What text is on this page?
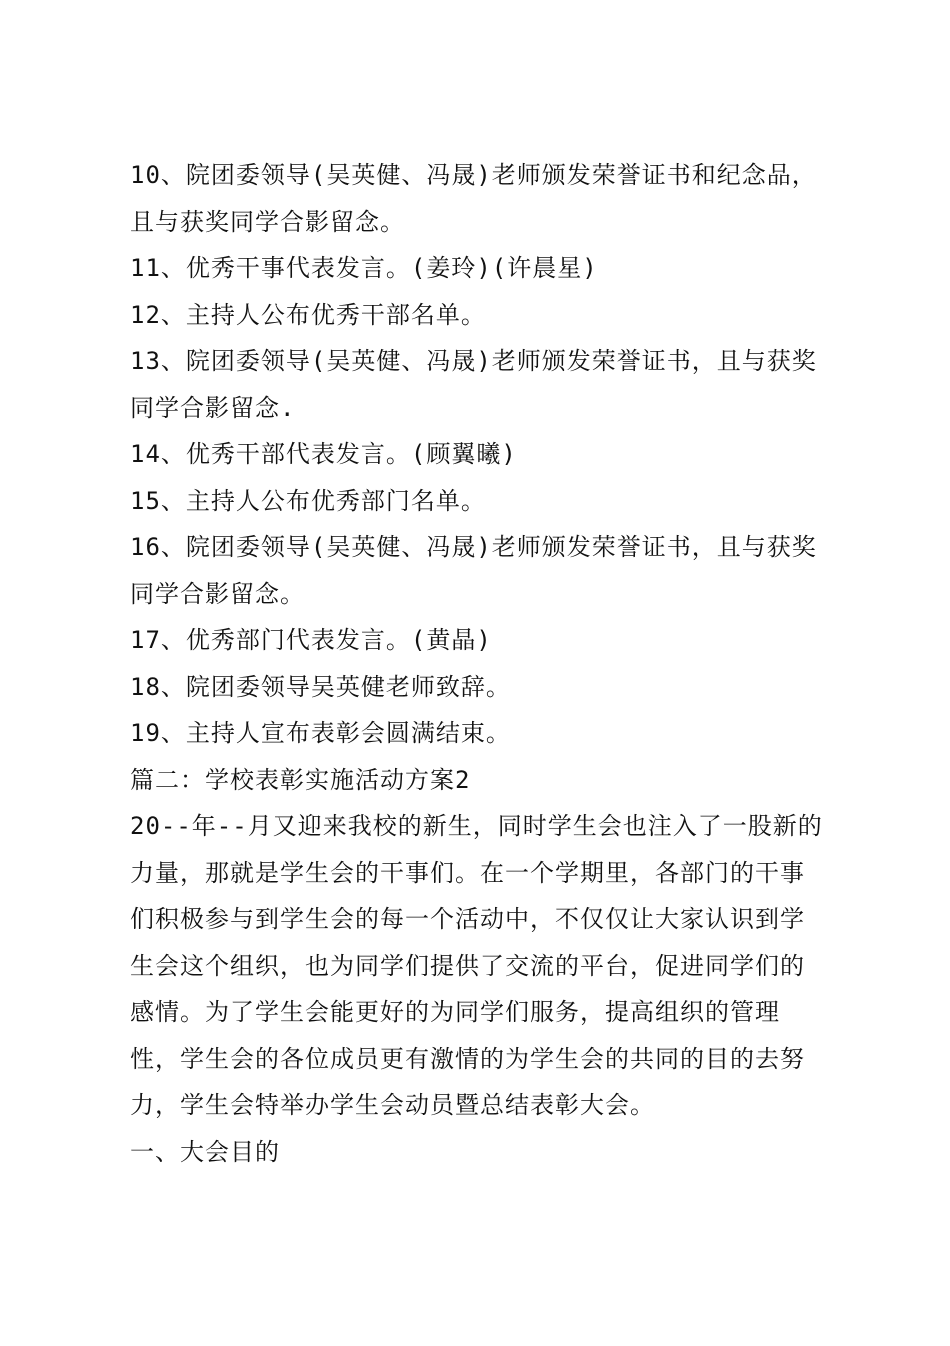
10、院团委领导(吴英健、冯晟)老师颁发荣誉证书和纪念品，
且与获奖同学合影留念。
11、优秀干事代表发言。(姜玲)(许晨星)
12、主持人公布优秀干部名单。
13、院团委领导(吴英健、冯晟)老师颁发荣誉证书，且与获奖
同学合影留念.
14、优秀干部代表发言。(顾翼曦)
15、主持人公布优秀部门名单。
16、院团委领导(吴英健、冯晟)老师颁发荣誉证书，且与获奖
同学合影留念。
17、优秀部门代表发言。(黄晶)
18、院团委领导吴英健老师致辞。
19、主持人宣布表彰会圆满结束。
篇二：学校表彰实施活动方案2
20--年--月又迎来我校的新生，同时学生会也注入了一股新的
力量，那就是学生会的干事们。在一个学期里，各部门的干事
们积极参与到学生会的每一个活动中，不仅仅让大家认识到学
生会这个组织，也为同学们提供了交流的平台，促进同学们的
感情。为了学生会能更好的为同学们服务，提高组织的管理
性，学生会的各位成员更有激情的为学生会的共同的目的去努
力，学生会特举办学生会动员暨总结表彰大会。
一、大会目的
